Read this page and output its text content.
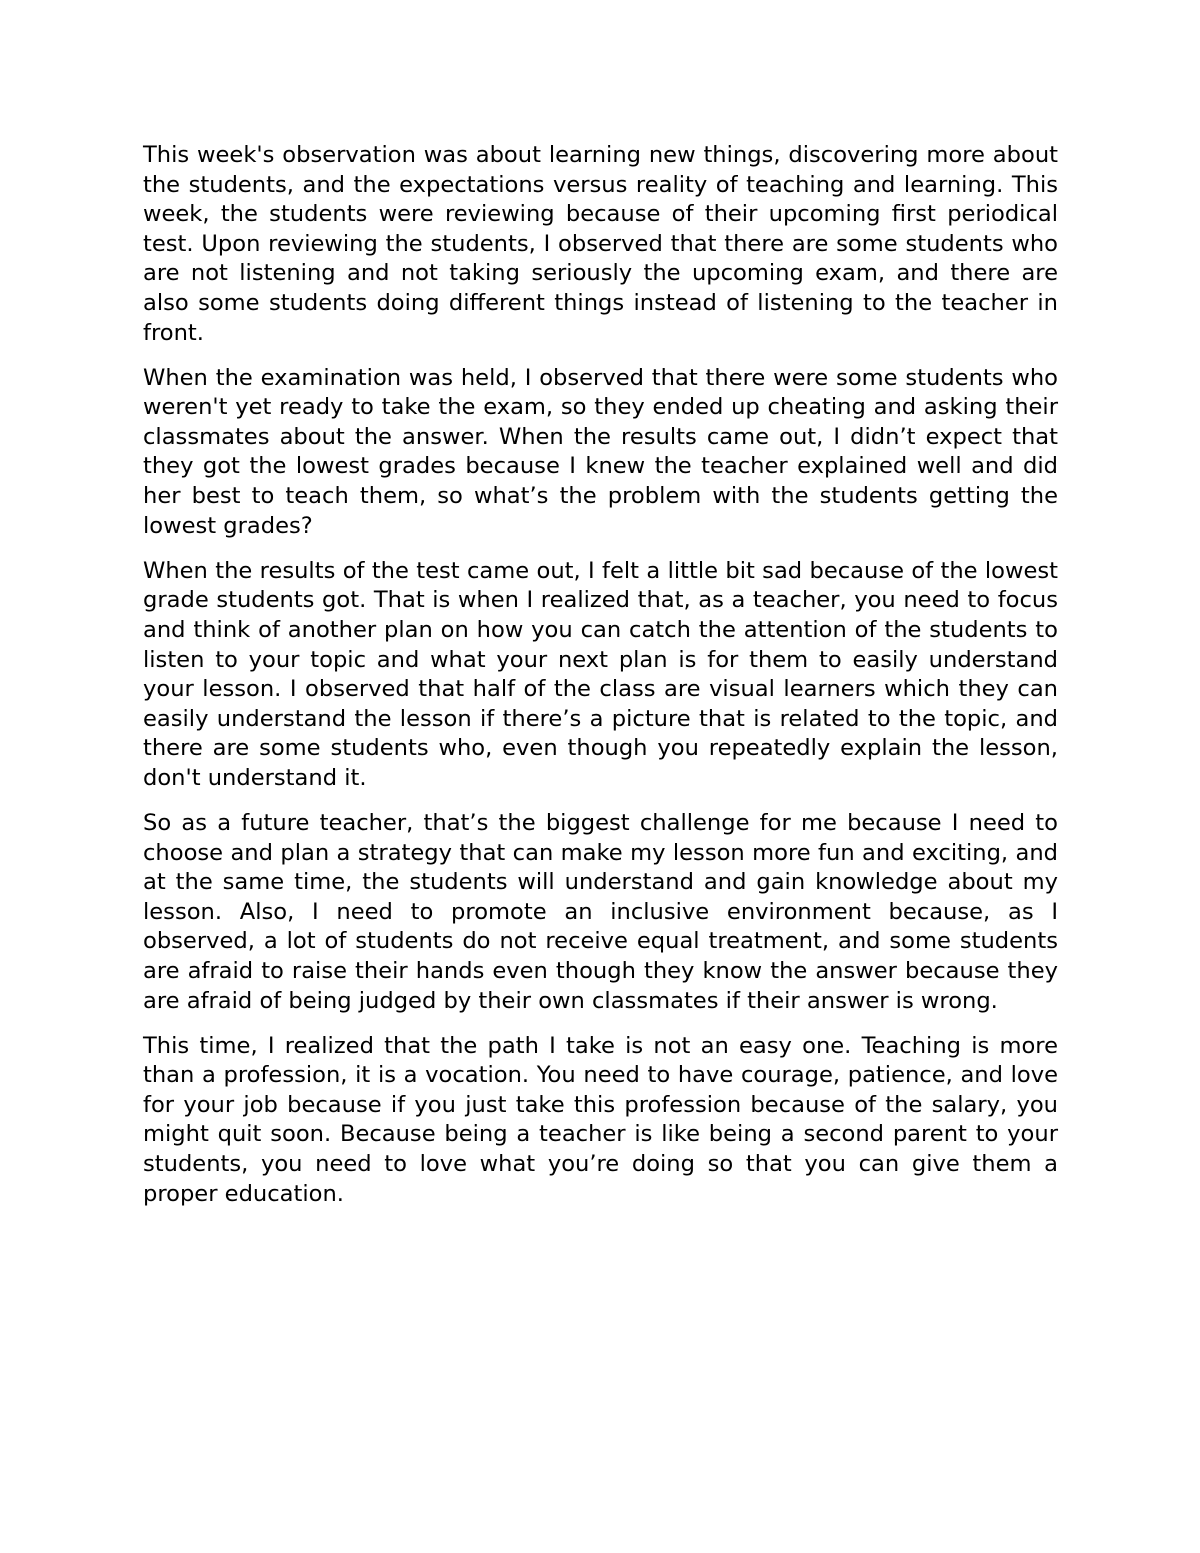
This week's observation was about learning new things, discovering more about the students, and the expectations versus reality of teaching and learning. This week, the students were reviewing because of their upcoming first periodical test. Upon reviewing the students, I observed that there are some students who are not listening and not taking seriously the upcoming exam, and there are also some students doing different things instead of listening to the teacher in front.

When the examination was held, I observed that there were some students who weren't yet ready to take the exam, so they ended up cheating and asking their classmates about the answer. When the results came out, I didn’t expect that they got the lowest grades because I knew the teacher explained well and did her best to teach them, so what’s the problem with the students getting the lowest grades?

When the results of the test came out, I felt a little bit sad because of the lowest grade students got. That is when I realized that, as a teacher, you need to focus and think of another plan on how you can catch the attention of the students to listen to your topic and what your next plan is for them to easily understand your lesson. I observed that half of the class are visual learners which they can easily understand the lesson if there’s a picture that is related to the topic, and there are some students who, even though you repeatedly explain the lesson, don't understand it.

So as a future teacher, that’s the biggest challenge for me because I need to choose and plan a strategy that can make my lesson more fun and exciting, and at the same time, the students will understand and gain knowledge about my lesson. Also, I need to promote an inclusive environment because, as I observed, a lot of students do not receive equal treatment, and some students are afraid to raise their hands even though they know the answer because they are afraid of being judged by their own classmates if their answer is wrong.

This time, I realized that the path I take is not an easy one. Teaching is more than a profession, it is a vocation. You need to have courage, patience, and love for your job because if you just take this profession because of the salary, you might quit soon. Because being a teacher is like being a second parent to your students, you need to love what you’re doing so that you can give them a proper education.
